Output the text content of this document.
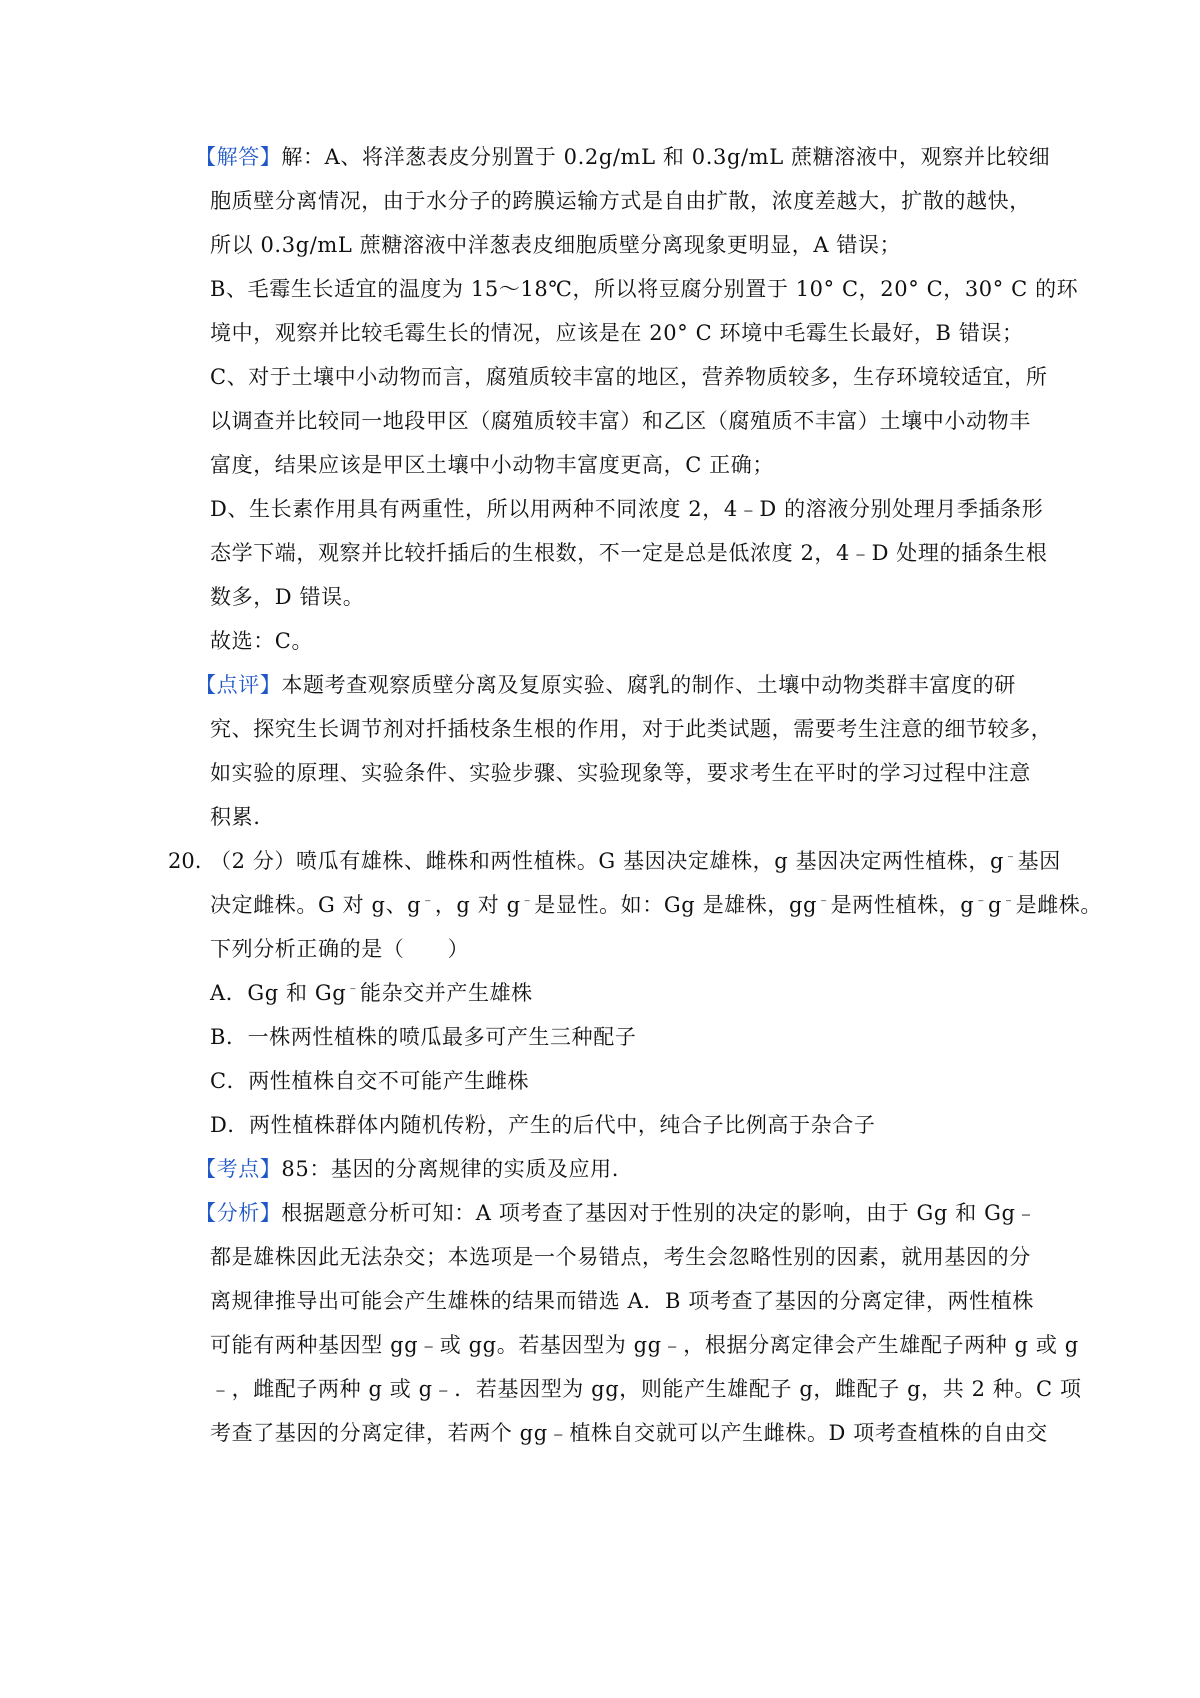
【解答】解：A、将洋葱表皮分别置于 0.2g/mL 和 0.3g/mL 蔗糖溶液中，观察并比较细
胞质壁分离情况，由于水分子的跨膜运输方式是自由扩散，浓度差越大，扩散的越快，
所以 0.3g/mL 蔗糖溶液中洋葱表皮细胞质壁分离现象更明显，A 错误；
B、毛霉生长适宜的温度为 15～18℃，所以将豆腐分别置于 10° C，20° C，30° C 的环
境中，观察并比较毛霉生长的情况，应该是在 20° C 环境中毛霉生长最好，B 错误；
C、对于土壤中小动物而言，腐殖质较丰富的地区，营养物质较多，生存环境较适宜，所
以调查并比较同一地段甲区（腐殖质较丰富）和乙区（腐殖质不丰富）土壤中小动物丰
富度，结果应该是甲区土壤中小动物丰富度更高，C 正确；
D、生长素作用具有两重性，所以用两种不同浓度 2，4﹣D 的溶液分别处理月季插条形
态学下端，观察并比较扦插后的生根数，不一定是总是低浓度 2，4﹣D 处理的插条生根
数多，D 错误。
故选：C。
【点评】本题考查观察质壁分离及复原实验、腐乳的制作、土壤中动物类群丰富度的研
究、探究生长调节剂对扦插枝条生根的作用，对于此类试题，需要考生注意的细节较多，
如实验的原理、实验条件、实验步骤、实验现象等，要求考生在平时的学习过程中注意
积累.
20. （2 分）喷瓜有雄株、雌株和两性植株。G 基因决定雄株，g 基因决定两性植株，g﹣基因
决定雌株。G 对 g、g﹣，g 对 g﹣是显性。如：Gg 是雄株，gg﹣是两性植株，g﹣g﹣是雌株。
下列分析正确的是（　　）
A．Gg 和 Gg﹣能杂交并产生雄株
B．一株两性植株的喷瓜最多可产生三种配子
C．两性植株自交不可能产生雌株
D．两性植株群体内随机传粉，产生的后代中，纯合子比例高于杂合子
【考点】85：基因的分离规律的实质及应用.
【分析】根据题意分析可知：A 项考查了基因对于性别的决定的影响，由于 Gg 和 Gg﹣
都是雄株因此无法杂交；本选项是一个易错点，考生会忽略性别的因素，就用基因的分
离规律推导出可能会产生雄株的结果而错选 A．B 项考查了基因的分离定律，两性植株
可能有两种基因型 gg﹣或 gg。若基因型为 gg﹣，根据分离定律会产生雄配子两种 g 或 g
﹣，雌配子两种 g 或 g﹣．若基因型为 gg，则能产生雄配子 g，雌配子 g，共 2 种。C 项
考查了基因的分离定律，若两个 gg﹣植株自交就可以产生雌株。D 项考查植株的自由交
